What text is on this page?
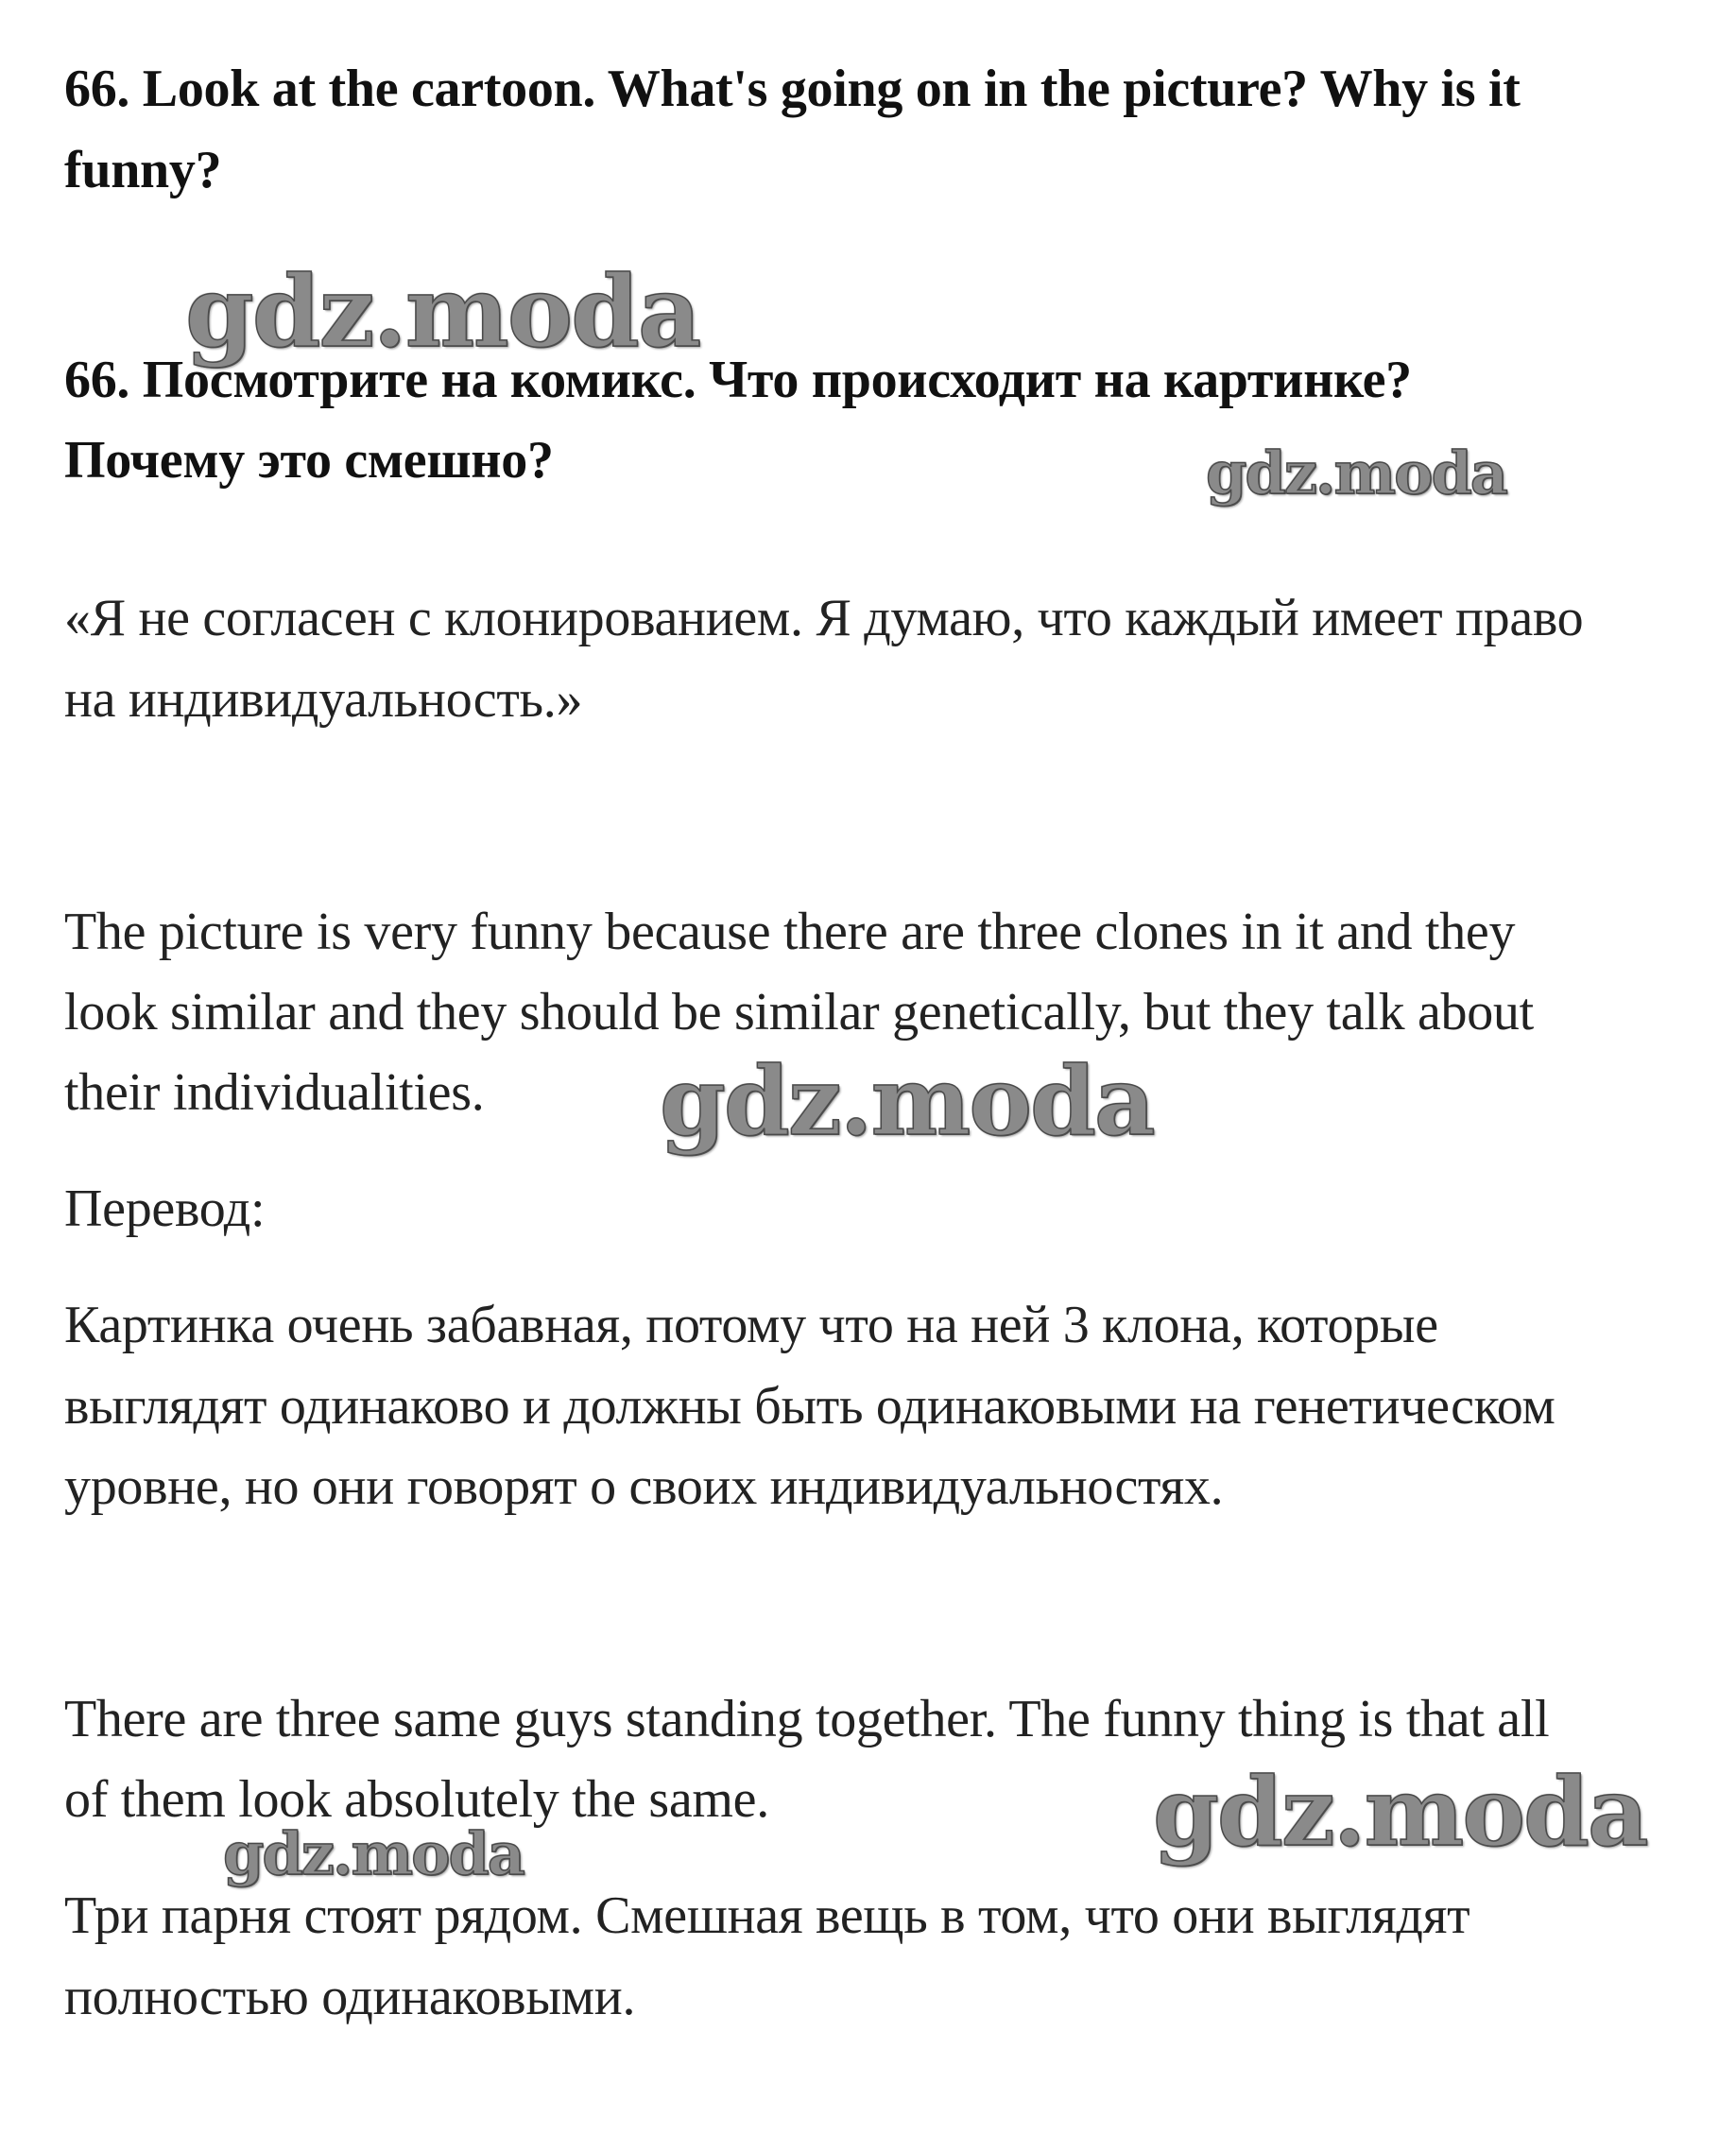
66. Look at the cartoon. What's going on in the picture? Why is it
funny?
66. Посмотрите на комикс. Что происходит на картинке?
Почему это смешно?
«Я не согласен с клонированием. Я думаю, что каждый имеет право
на индивидуальность.»
The picture is very funny because there are three clones in it and they
look similar and they should be similar genetically, but they talk about
their individualities.
Перевод:
Картинка очень забавная, потому что на ней 3 клона, которые
выглядят одинаково и должны быть одинаковыми на генетическом
уровне, но они говорят о своих индивидуальностях.
There are three same guys standing together. The funny thing is that all
of them look absolutely the same.
Три парня стоят рядом. Смешная вещь в том, что они выглядят
полностью одинаковыми.
gdz.moda
gdz.moda
gdz.moda
gdz.moda
gdz.moda
